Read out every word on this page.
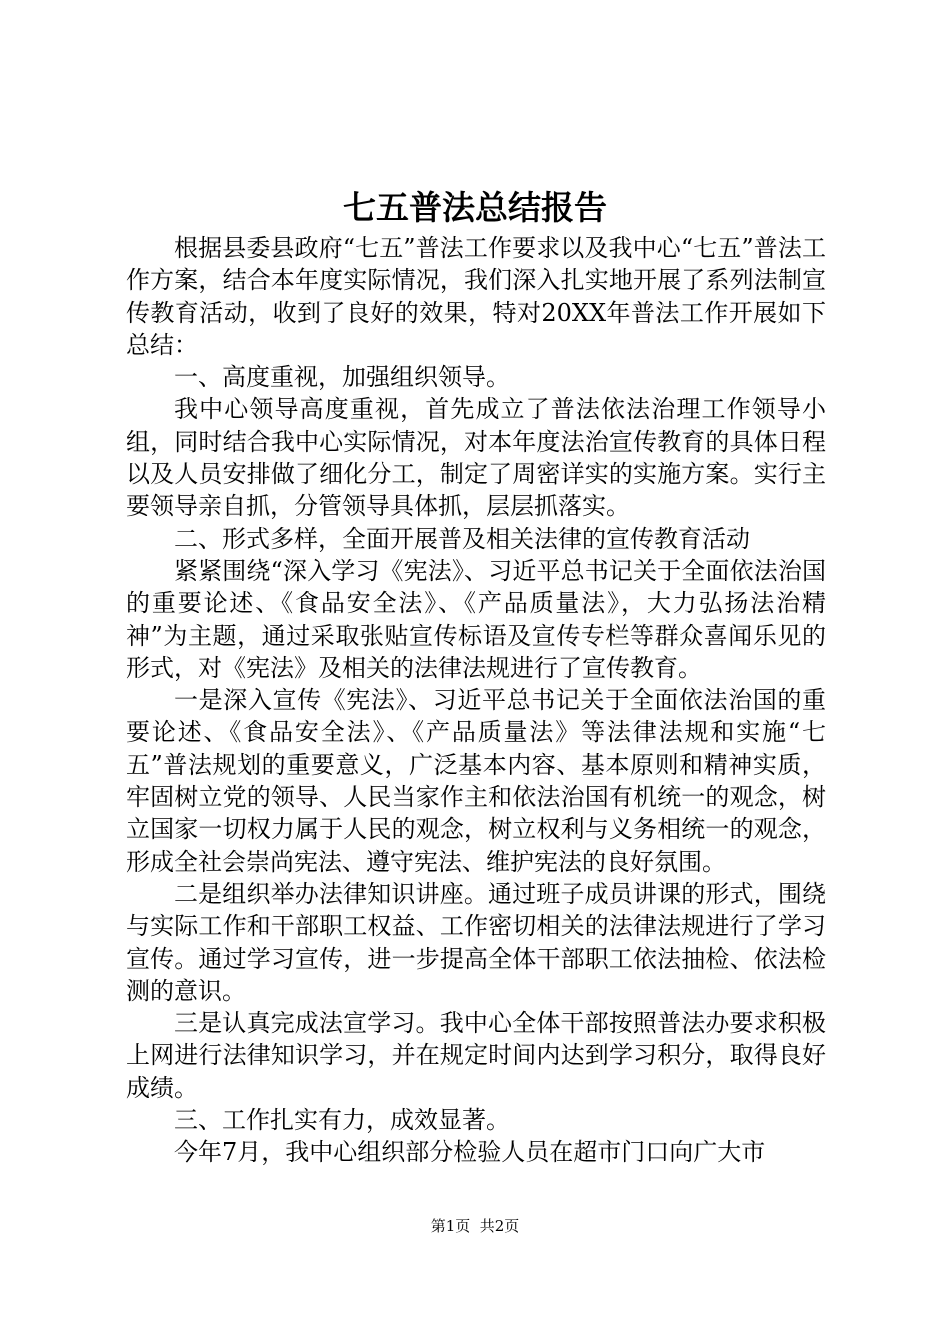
七五普法总结报告

根据县委县政府“七五”普法工作要求以及我中心“七五”普法工作方案，结合本年度实际情况，我们深入扎实地开展了系列法制宣传教育活动，收到了良好的效果，特对20XX年普法工作开展如下总结：

一、高度重视，加强组织领导。

我中心领导高度重视，首先成立了普法依法治理工作领导小组，同时结合我中心实际情况，对本年度法治宣传教育的具体日程以及人员安排做了细化分工，制定了周密详实的实施方案。实行主要领导亲自抓，分管领导具体抓，层层抓落实。

二、形式多样，全面开展普及相关法律的宣传教育活动

紧紧围绕“深入学习《宪法》、习近平总书记关于全面依法治国的重要论述、《食品安全法》、《产品质量法》，大力弘扬法治精神”为主题，通过采取张贴宣传标语及宣传专栏等群众喜闻乐见的形式，对《宪法》及相关的法律法规进行了宣传教育。

一是深入宣传《宪法》、习近平总书记关于全面依法治国的重要论述、《食品安全法》、《产品质量法》等法律法规和实施“七五”普法规划的重要意义，广泛基本内容、基本原则和精神实质，牢固树立党的领导、人民当家作主和依法治国有机统一的观念，树立国家一切权力属于人民的观念，树立权利与义务相统一的观念，形成全社会崇尚宪法、遵守宪法、维护宪法的良好氛围。

二是组织举办法律知识讲座。通过班子成员讲课的形式，围绕与实际工作和干部职工权益、工作密切相关的法律法规进行了学习宣传。通过学习宣传，进一步提高全体干部职工依法抽检、依法检测的意识。

三是认真完成法宣学习。我中心全体干部按照普法办要求积极上网进行法律知识学习，并在规定时间内达到学习积分，取得良好成绩。

三、工作扎实有力，成效显著。

今年7月，我中心组织部分检验人员在超市门口向广大市

第1页  共2页
